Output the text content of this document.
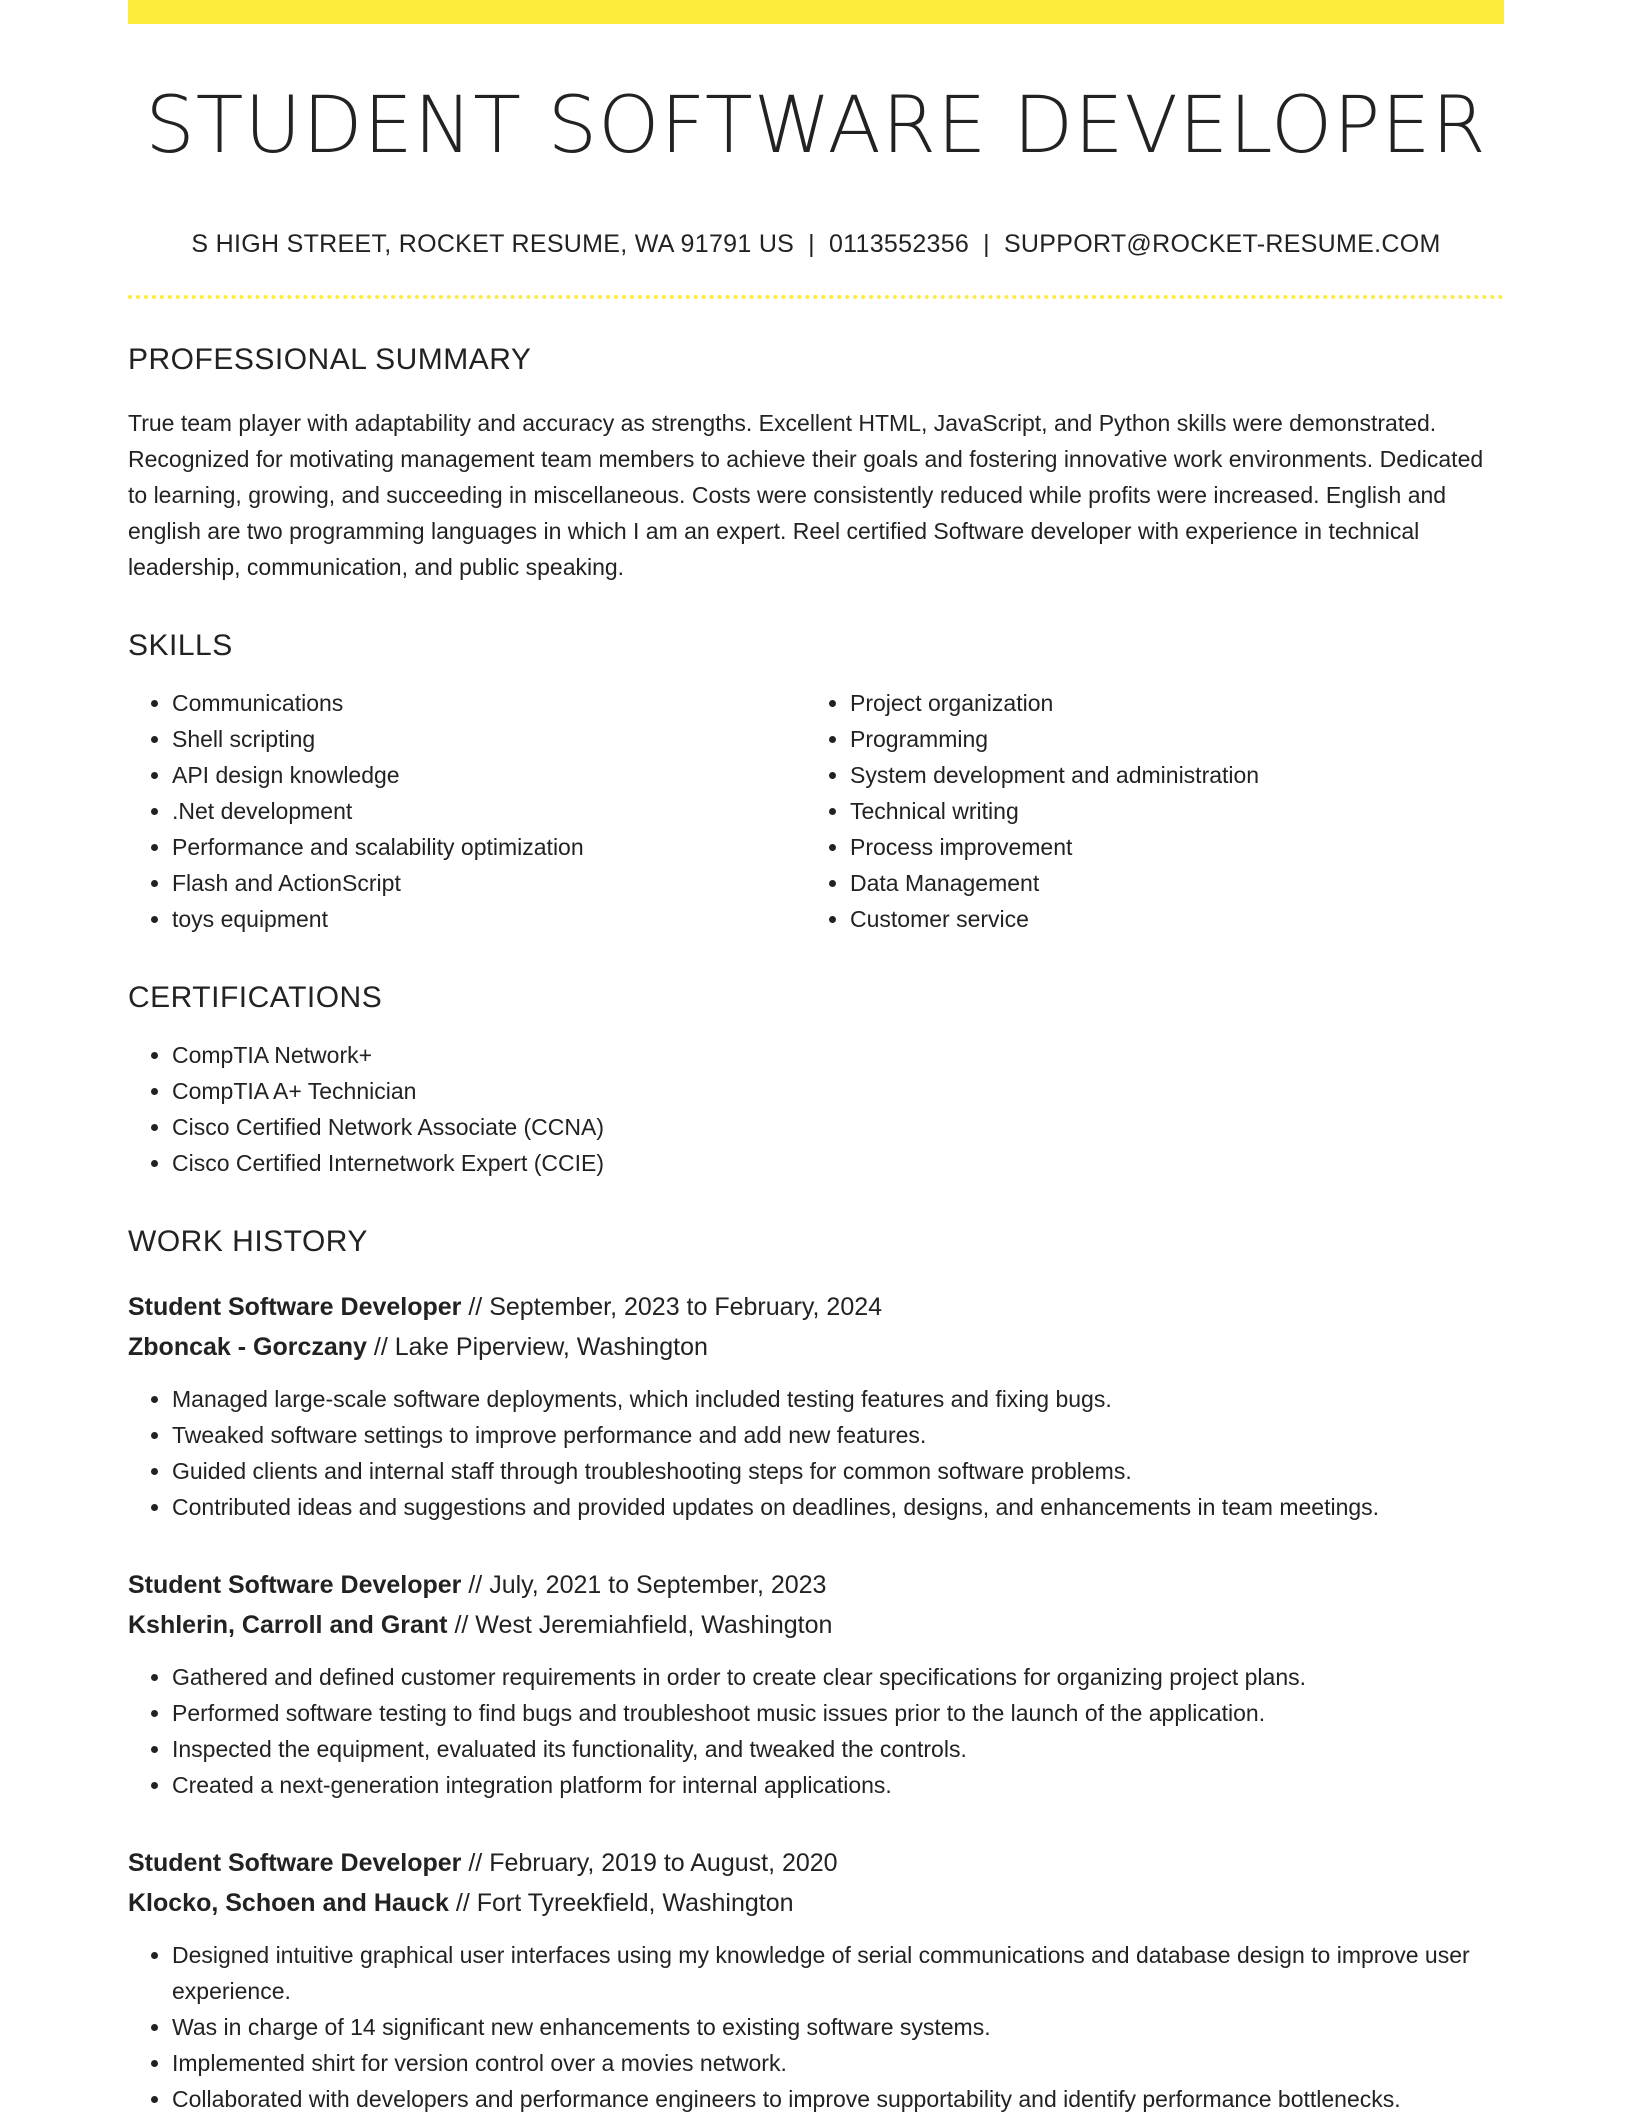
STUDENT SOFTWARE DEVELOPER
S HIGH STREET, ROCKET RESUME, WA 91791 US | 0113552356 | SUPPORT@ROCKET-RESUME.COM
PROFESSIONAL SUMMARY

True team player with adaptability and accuracy as strengths. Excellent HTML, JavaScript, and Python skills were demonstrated. Recognized for motivating management team members to achieve their goals and fostering innovative work environments. Dedicated to learning, growing, and succeeding in miscellaneous. Costs were consistently reduced while profits were increased. English and english are two programming languages in which I am an expert. Reel certified Software developer with experience in technical leadership, communication, and public speaking.

SKILLS
• Communications
• Shell scripting
• API design knowledge
• .Net development
• Performance and scalability optimization
• Flash and ActionScript
• toys equipment
• Project organization
• Programming
• System development and administration
• Technical writing
• Process improvement
• Data Management
• Customer service
CERTIFICATIONS
• CompTIA Network+
• CompTIA A+ Technician
• Cisco Certified Network Associate (CCNA)
• Cisco Certified Internetwork Expert (CCIE)
WORK HISTORY
Student Software Developer // September, 2023 to February, 2024
Zboncak - Gorczany // Lake Piperview, Washington
• Managed large-scale software deployments, which included testing features and fixing bugs.
• Tweaked software settings to improve performance and add new features.
• Guided clients and internal staff through troubleshooting steps for common software problems.
• Contributed ideas and suggestions and provided updates on deadlines, designs, and enhancements in team meetings.
Student Software Developer // July, 2021 to September, 2023
Kshlerin, Carroll and Grant // West Jeremiahfield, Washington
• Gathered and defined customer requirements in order to create clear specifications for organizing project plans.
• Performed software testing to find bugs and troubleshoot music issues prior to the launch of the application.
• Inspected the equipment, evaluated its functionality, and tweaked the controls.
• Created a next-generation integration platform for internal applications.
Student Software Developer // February, 2019 to August, 2020
Klocko, Schoen and Hauck // Fort Tyreekfield, Washington
• Designed intuitive graphical user interfaces using my knowledge of serial communications and database design to improve user experience.
• Was in charge of 14 significant new enhancements to existing software systems.
• Implemented shirt for version control over a movies network.
• Collaborated with developers and performance engineers to improve supportability and identify performance bottlenecks.
